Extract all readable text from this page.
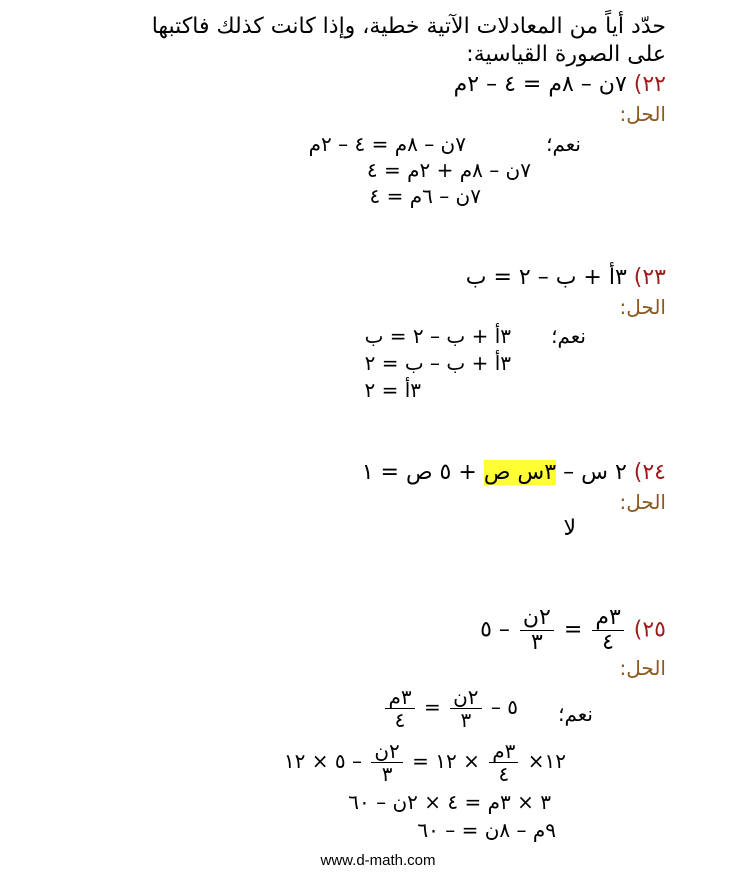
حدّد أياً من المعادلات الآتية خطية، وإذا كانت كذلك فاكتبها
على الصورة القياسية:
٢٢) ٧ن – ٨م = ٤ – ٢م
الحل:
نعم؛
٧ن – ٨م = ٤ – ٢م
٧ن – ٨م + ٢م = ٤
٧ن – ٦م = ٤
٢٣) ٣أ + ب – ٢ = ب
الحل:
نعم؛
٣أ + ب – ٢ = ب
٣أ + ب – ب = ٢
٣أ = ٢
٢٤) ٢ س – ٣س ص + ٥ ص = ١
الحل:
لا
٢٥)
$\frac{\text{٣م}}{٤}$
=
$\frac{\text{٢ن}}{٣}$
– ٥
الحل:
نعم؛
$\frac{\text{٣م}}{٤} = \frac{\text{٢ن}}{٣}$ – ٥
١٢×
$\frac{\text{٣م}}{٤}$
× ١٢ =
$\frac{\text{٢ن}}{٣}$
– ٥ × ١٢
٣ × ٣م = ٤ × ٢ن – ٦٠
٩م – ٨ن = – ٦٠
www.d-math.com
